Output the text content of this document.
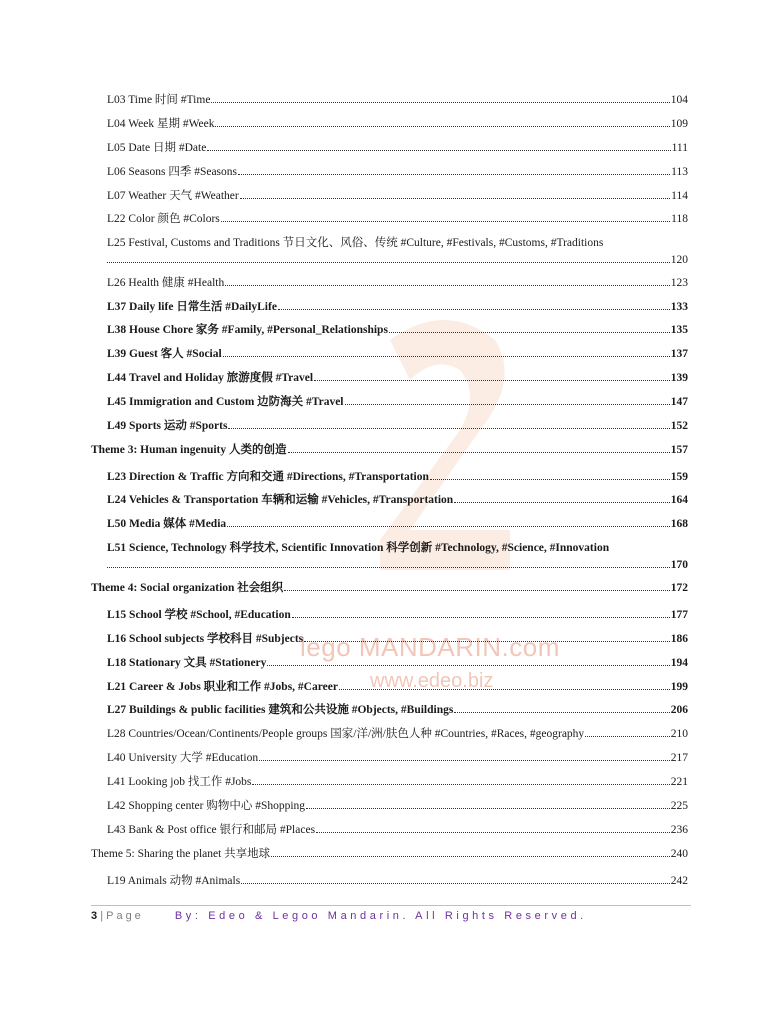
lego MANDARIN.com
www.edeo.biz
L03 Time 时间 #Time	104
L04 Week 星期 #Week	109
L05 Date 日期 #Date	111
L06 Seasons 四季 #Seasons	113
L07 Weather 天气 #Weather	114
L22 Color 颜色 #Colors	118
L25 Festival, Customs and Traditions 节日文化、风俗、传统 #Culture, #Festivals, #Customs, #Traditions
120
L26 Health 健康 #Health	123
L37 Daily life 日常生活 #DailyLife	133
L38 House Chore 家务 #Family, #Personal_Relationships	135
L39 Guest 客人 #Social	137
L44 Travel and Holiday 旅游度假 #Travel	139
L45 Immigration and Custom 边防海关 #Travel	147
L49 Sports 运动 #Sports	152
Theme 3: Human ingenuity 人类的创造	157
L23 Direction & Traffic 方向和交通 #Directions, #Transportation	159
L24 Vehicles & Transportation 车辆和运输 #Vehicles, #Transportation	164
L50 Media 媒体 #Media	168
L51 Science, Technology 科学技术, Scientific Innovation 科学创新 #Technology, #Science, #Innovation
170
Theme 4: Social organization 社会组织	172
L15 School 学校 #School, #Education	177
L16 School subjects 学校科目 #Subjects	186
L18 Stationary 文具 #Stationery	194
L21 Career & Jobs 职业和工作 #Jobs, #Career	199
L27 Buildings & public facilities 建筑和公共设施 #Objects, #Buildings	206
L28 Countries/Ocean/Continents/People groups 国家/洋/洲/肤色人种 #Countries, #Races, #geography	210
L40 University 大学 #Education	217
L41 Looking job 找工作 #Jobs	221
L42 Shopping center 购物中心 #Shopping	225
L43 Bank & Post office 银行和邮局 #Places	236
Theme 5: Sharing the planet 共享地球	240
L19 Animals 动物 #Animals	242
3 | Page	By: Edeo & Legoo Mandarin. All Rights Reserved.
